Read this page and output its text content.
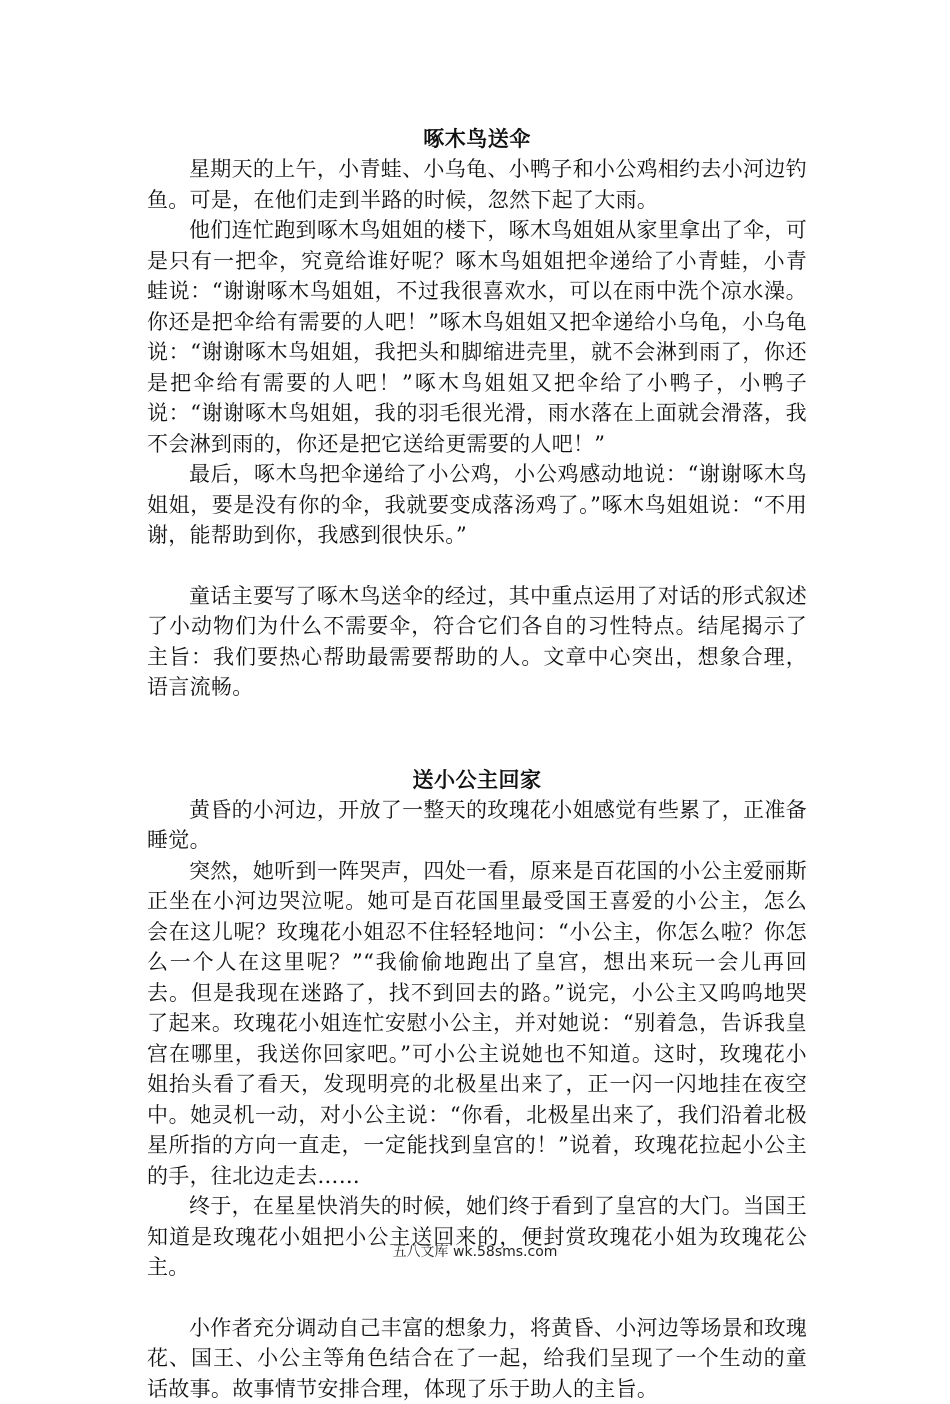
啄木鸟送伞

星期天的上午，小青蛙、小乌龟、小鸭子和小公鸡相约去小河边钓鱼。可是，在他们走到半路的时候，忽然下起了大雨。

他们连忙跑到啄木鸟姐姐的楼下，啄木鸟姐姐从家里拿出了伞，可是只有一把伞，究竟给谁好呢？啄木鸟姐姐把伞递给了小青蛙，小青蛙说：“谢谢啄木鸟姐姐，不过我很喜欢水，可以在雨中洗个凉水澡。你还是把伞给有需要的人吧！”啄木鸟姐姐又把伞递给小乌龟，小乌龟说：“谢谢啄木鸟姐姐，我把头和脚缩进壳里，就不会淋到雨了，你还是把伞给有需要的人吧！”啄木鸟姐姐又把伞给了小鸭子，小鸭子说：“谢谢啄木鸟姐姐，我的羽毛很光滑，雨水落在上面就会滑落，我不会淋到雨的，你还是把它送给更需要的人吧！”

最后，啄木鸟把伞递给了小公鸡，小公鸡感动地说：“谢谢啄木鸟姐姐，要是没有你的伞，我就要变成落汤鸡了。”啄木鸟姐姐说：“不用谢，能帮助到你，我感到很快乐。”

童话主要写了啄木鸟送伞的经过，其中重点运用了对话的形式叙述了小动物们为什么不需要伞，符合它们各自的习性特点。结尾揭示了主旨：我们要热心帮助最需要帮助的人。文章中心突出，想象合理，语言流畅。

送小公主回家

黄昏的小河边，开放了一整天的玫瑰花小姐感觉有些累了，正准备睡觉。

突然，她听到一阵哭声，四处一看，原来是百花国的小公主爱丽斯正坐在小河边哭泣呢。她可是百花国里最受国王喜爱的小公主，怎么会在这儿呢？玫瑰花小姐忍不住轻轻地问：“小公主，你怎么啦？你怎么一个人在这里呢？”“我偷偷地跑出了皇宫，想出来玩一会儿再回去。但是我现在迷路了，找不到回去的路。”说完，小公主又呜呜地哭了起来。玫瑰花小姐连忙安慰小公主，并对她说：“别着急，告诉我皇宫在哪里，我送你回家吧。”可小公主说她也不知道。这时，玫瑰花小姐抬头看了看天，发现明亮的北极星出来了，正一闪一闪地挂在夜空中。她灵机一动，对小公主说：“你看，北极星出来了，我们沿着北极星所指的方向一直走，一定能找到皇宫的！”说着，玫瑰花拉起小公主的手，往北边走去……

终于，在星星快消失的时候，她们终于看到了皇宫的大门。当国王知道是玫瑰花小姐把小公主送回来的，便封赏玫瑰花小姐为玫瑰花公主。

小作者充分调动自己丰富的想象力，将黄昏、小河边等场景和玫瑰花、国王、小公主等角色结合在了一起，给我们呈现了一个生动的童话故事。故事情节安排合理，体现了乐于助人的主旨。

五八文库 wk.58sms.com
